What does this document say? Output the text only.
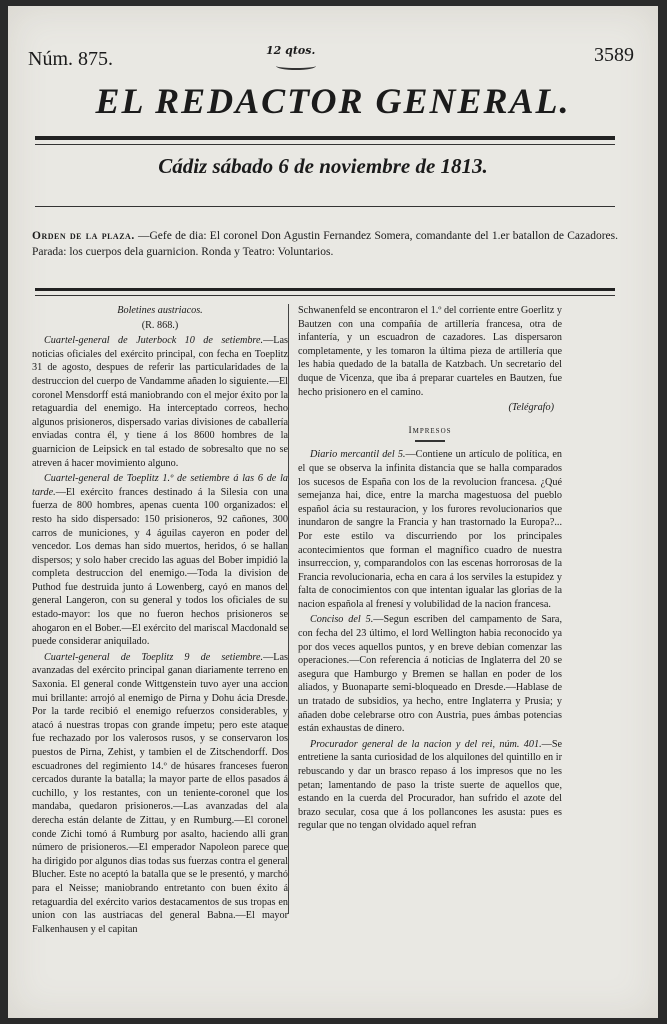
Núm. 875.	12 qtos.	3589
EL REDACTOR GENERAL.
Cádiz sábado 6 de noviembre de 1813.
Orden de la plaza. —Gefe de dia: El coronel Don Agustin Fernandez Somera, comandante del 1.er batallon de Cazadores. Parada: los cuerpos dela guarnicion. Ronda y Teatro: Voluntarios.
Boletines austriacos.
(R. 868.)

Cuartel-general de Juterbock 10 de setiembre.—Las noticias oficiales del exército principal, con fecha en Toeplitz 31 de agosto, despues de referir las particularidades de la destruccion del cuerpo de Vandamme añaden lo siguiente.—El coronel Mensdorff está maniobrando con el mejor éxito por la retaguardia del enemigo. Ha interceptado correos, hecho algunos prisioneros, dispersado varias divisiones de caballería enviadas contra él, y tiene á los 8600 hombres de la guarnicion de Leipsick en tal estado de sobresalto que no se atreven á hacer movimiento alguno.

Cuartel-general de Toeplitz 1.º de setiembre á las 6 de la tarde.—El exército frances destinado á la Silesia con una fuerza de 800 hombres, apenas cuenta 100 organizados: el resto ha sido dispersado: 150 prisioneros, 92 cañones, 300 carros de municiones, y 4 águilas cayeron en poder del vencedor. Los demas han sido muertos, heridos, ó se hallan dispersos; y solo haber crecido las aguas del Bober impidió la completa destruccion del enemigo.—Toda la division de Puthod fue destruida junto á Lowenberg, cayó en manos del general Langeron, con su general y todos los oficiales de su estado-mayor: los que no fueron hechos prisioneros se ahogaron en el Bober.—El exército del mariscal Macdonald se puede considerar aniquilado.

Cuartel-general de Toeplitz 9 de setiembre.—Las avanzadas del exército principal ganan diariamente terreno en Saxonia. El general conde Wittgenstein tuvo ayer una accion mui brillante: arrojó al enemigo de Pirna y Dohu ácia Dresde. Por la tarde recibió el enemigo refuerzos considerables, y atacó á nuestras tropas con grande ímpetu; pero este ataque fue rechazado por los valerosos rusos, y se conservaron los puestos de Pirna, Zehist, y tambien el de Zitschendorff. Dos escuadrones del regimiento 14.º de húsares franceses fueron cercados durante la batalla; la mayor parte de ellos pasados á cuchillo, y los restantes, con un teniente-coronel que los mandaba, quedaron prisioneros.—Las avanzadas del ala derecha están delante de Zittau, y en Rumburg.—El coronel conde Zichi tomó á Rumburg por asalto, haciendo alli gran número de prisioneros.—El emperador Napoleon parece que ha dirigido por algunos dias todas sus fuerzas contra el general Blucher. Este no aceptó la batalla que se le presentó, y marchó para el Neisse; maniobrando entretanto con buen éxito á retaguardia del exército varios destacamentos de sus tropas en union con las austriacas del general Babna.—El mayor Falkenhausen y el capitan

Schwanenfeld se encontraron el 1.º del corriente entre Goerlitz y Bautzen con una compañía de artillería francesa, otra de infantería, y un escuadron de cazadores. Las dispersaron completamente, y les tomaron la última pieza de artillería que les habia quedado de la batalla de Katzbach. Un secretario del duque de Vicenza, que iba á preparar cuarteles en Bautzen, fue hecho prisionero en el camino.

(Telégrafo)
Impresos

Diario mercantil del 5.—Contiene un artículo de política, en el que se observa la infinita distancia que se halla comparados los sucesos de España con los de la revolucion francesa. ¿Qué semejanza hai, dice, entre la marcha magestuosa del pueblo español ácia su restauracion, y los furores revolucionarios que inundaron de sangre la Francia y han trastornado la Europa?... Por este estilo va discurriendo por los principales acontecimientos que forman el magnífico cuadro de nuestra insurreccion, y, comparandolos con las escenas horrorosas de la Francia revolucionaria, echa en cara á los serviles la estupidez y falta de conocimientos con que intentan igualar las glorias de la nacion española al frenesí y volubilidad de la nacion francesa.

Conciso del 5.—Segun escriben del campamento de Sara, con fecha del 23 último, el lord Wellington habia reconocido ya por dos veces aquellos puntos, y en breve debian comenzar las operaciones.—Con referencia á noticias de Inglaterra del 20 se asegura que Hamburgo y Bremen se hallan en poder de los aliados, y Buonaparte semi-bloqueado en Dresde.—Hablase de un tratado de subsidios, ya hecho, entre Inglaterra y Prusia; y añaden dobe celebrarse otro con Austria, pues ámbas potencias están exhaustas de dinero.

Procurador general de la nacion y del rei, núm. 401.—Se entretiene la santa curiosidad de los alquilones del quintillo en ir rebuscando y dar un brasco repaso á los impresos que no les petan; lamentando de paso la triste suerte de aquellos que, estando en la cuerda del Procurador, han sufrido el azote del brazo secular, cosa que á los pollancones les asusta: pues es regular que no tengan olvidado aquel refran
